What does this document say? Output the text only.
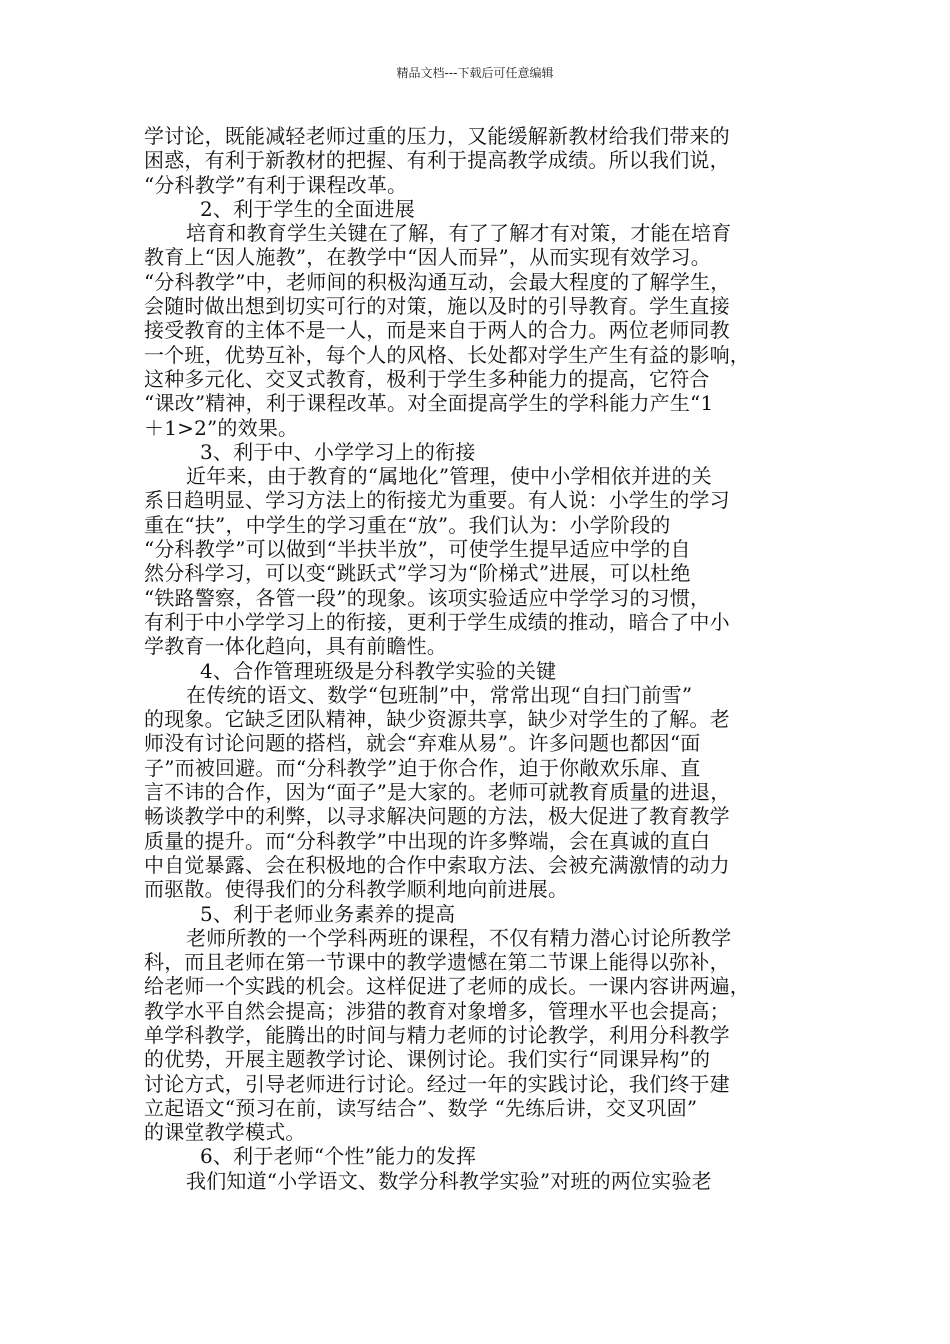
精品文档---下载后可任意编辑
学讨论，既能减轻老师过重的压力，又能缓解新教材给我们带来的
困惑，有利于新教材的把握、有利于提高教学成绩。所以我们说，
“分科教学”有利于课程改革。
2、利于学生的全面进展
培育和教育学生关键在了解，有了了解才有对策，才能在培育
教育上“因人施教”，在教学中“因人而异”，从而实现有效学习。
“分科教学”中，老师间的积极沟通互动，会最大程度的了解学生，
会随时做出想到切实可行的对策，施以及时的引导教育。学生直接
接受教育的主体不是一人，而是来自于两人的合力。两位老师同教
一个班，优势互补，每个人的风格、长处都对学生产生有益的影响，
这种多元化、交叉式教育，极利于学生多种能力的提高，它符合
“课改”精神，利于课程改革。对全面提高学生的学科能力产生“1
＋1>2”的效果。
3、利于中、小学学习上的衔接
近年来，由于教育的“属地化”管理，使中小学相依并进的关
系日趋明显、学习方法上的衔接尤为重要。有人说：小学生的学习
重在“扶”，中学生的学习重在“放”。我们认为：小学阶段的
“分科教学”可以做到“半扶半放”，可使学生提早适应中学的自
然分科学习，可以变“跳跃式”学习为“阶梯式”进展，可以杜绝
“铁路警察，各管一段”的现象。该项实验适应中学学习的习惯，
有利于中小学学习上的衔接，更利于学生成绩的推动，暗合了中小
学教育一体化趋向，具有前瞻性。
4、合作管理班级是分科教学实验的关键
在传统的语文、数学“包班制”中，常常出现“自扫门前雪”
的现象。它缺乏团队精神，缺少资源共享，缺少对学生的了解。老
师没有讨论问题的搭档，就会“弃难从易”。许多问题也都因“面
子”而被回避。而“分科教学”迫于你合作，迫于你敞欢乐扉、直
言不讳的合作，因为“面子”是大家的。老师可就教育质量的进退，
畅谈教学中的利弊，以寻求解决问题的方法，极大促进了教育教学
质量的提升。而“分科教学”中出现的许多弊端，会在真诚的直白
中自觉暴露、会在积极地的合作中索取方法、会被充满激情的动力
而驱散。使得我们的分科教学顺利地向前进展。
5、利于老师业务素养的提高
老师所教的一个学科两班的课程，不仅有精力潜心讨论所教学
科，而且老师在第一节课中的教学遗憾在第二节课上能得以弥补，
给老师一个实践的机会。这样促进了老师的成长。一课内容讲两遍，
教学水平自然会提高；涉猎的教育对象增多，管理水平也会提高；
单学科教学，能腾出的时间与精力老师的讨论教学，利用分科教学
的优势，开展主题教学讨论、课例讨论。我们实行“同课异构”的
讨论方式，引导老师进行讨论。经过一年的实践讨论，我们终于建
立起语文“预习在前，读写结合”、数学 “先练后讲，交叉巩固”
的课堂教学模式。
6、利于老师“个性”能力的发挥
我们知道“小学语文、数学分科教学实验”对班的两位实验老
